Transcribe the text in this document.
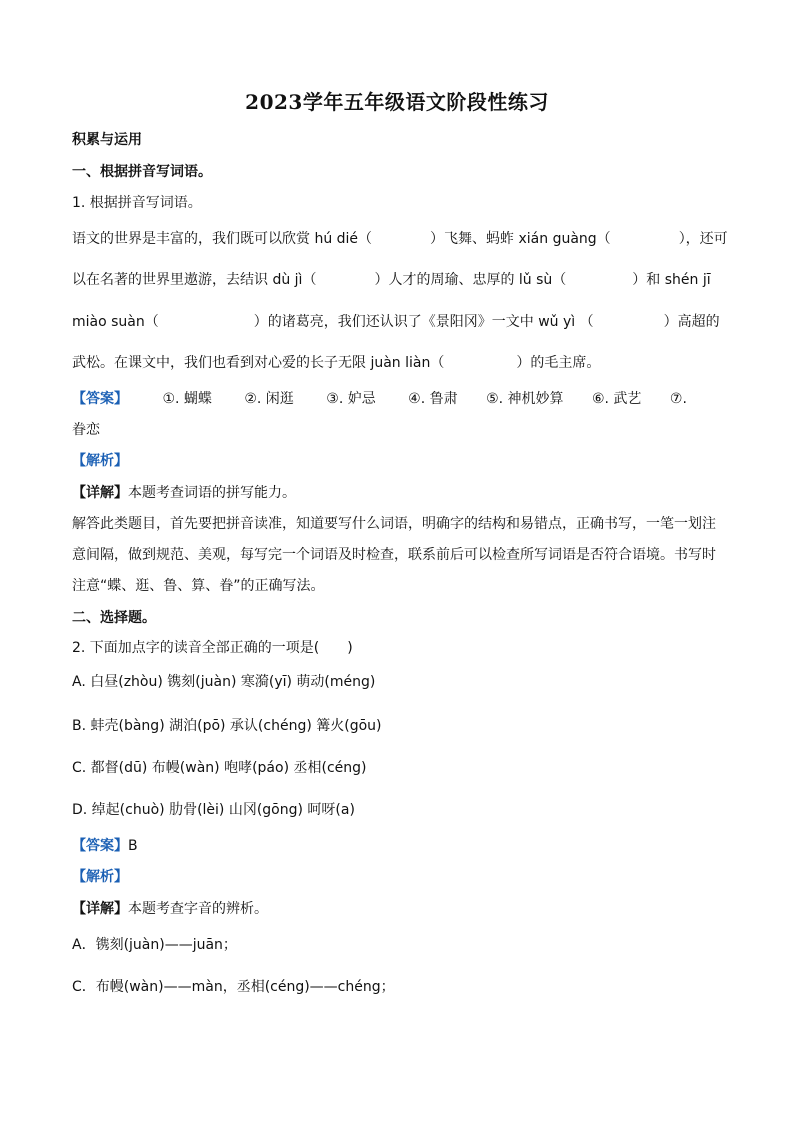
2023学年五年级语文阶段性练习
积累与运用
一、根据拼音写词语。
1. 根据拼音写词语。
语文的世界是丰富的，我们既可以欣赏 hú dié（	）飞舞、蚂蚱 xián guàng（	），还可
以在名著的世界里遨游，去结识 dù jì（	）人才的周瑜、忠厚的 lǔ sù（	）和 shén jī
miào suàn（	）的诸葛亮，我们还认识了《景阳冈》一文中 wǔ yì （	）高超的
武松。在课文中，我们也看到对心爱的长子无限 juàn liàn（	）的毛主席。
【答案】 ①. 蝴蝶 ②. 闲逛 ③. 妒忌 ④. 鲁肃 ⑤. 神机妙算 ⑥. 武艺 ⑦.
眷恋
【解析】
【详解】本题考查词语的拼写能力。
解答此类题目，首先要把拼音读准，知道要写什么词语，明确字的结构和易错点，正确书写，一笔一划注
意间隔，做到规范、美观，每写完一个词语及时检查，联系前后可以检查所写词语是否符合语境。书写时
注意“蝶、逛、鲁、算、眷”的正确写法。
二、选择题。
2. 下面加点字的读音全部正确的一项是(　　)
A. 白昼(zhòu) 镌刻(juàn) 寒漪(yī) 萌动(méng)
B. 蚌壳(bàng) 湖泊(pō) 承认(chéng) 篝火(gōu)
C. 都督(dū) 布幔(wàn) 咆哮(páo) 丞相(céng)
D. 绰起(chuò) 肋骨(lèi) 山冈(gōng) 呵呀(a)
【答案】B
【解析】
【详解】本题考查字音的辨析。
A．镌刻(juàn)——juān；
C．布幔(wàn)——màn，丞相(céng)——chéng；
